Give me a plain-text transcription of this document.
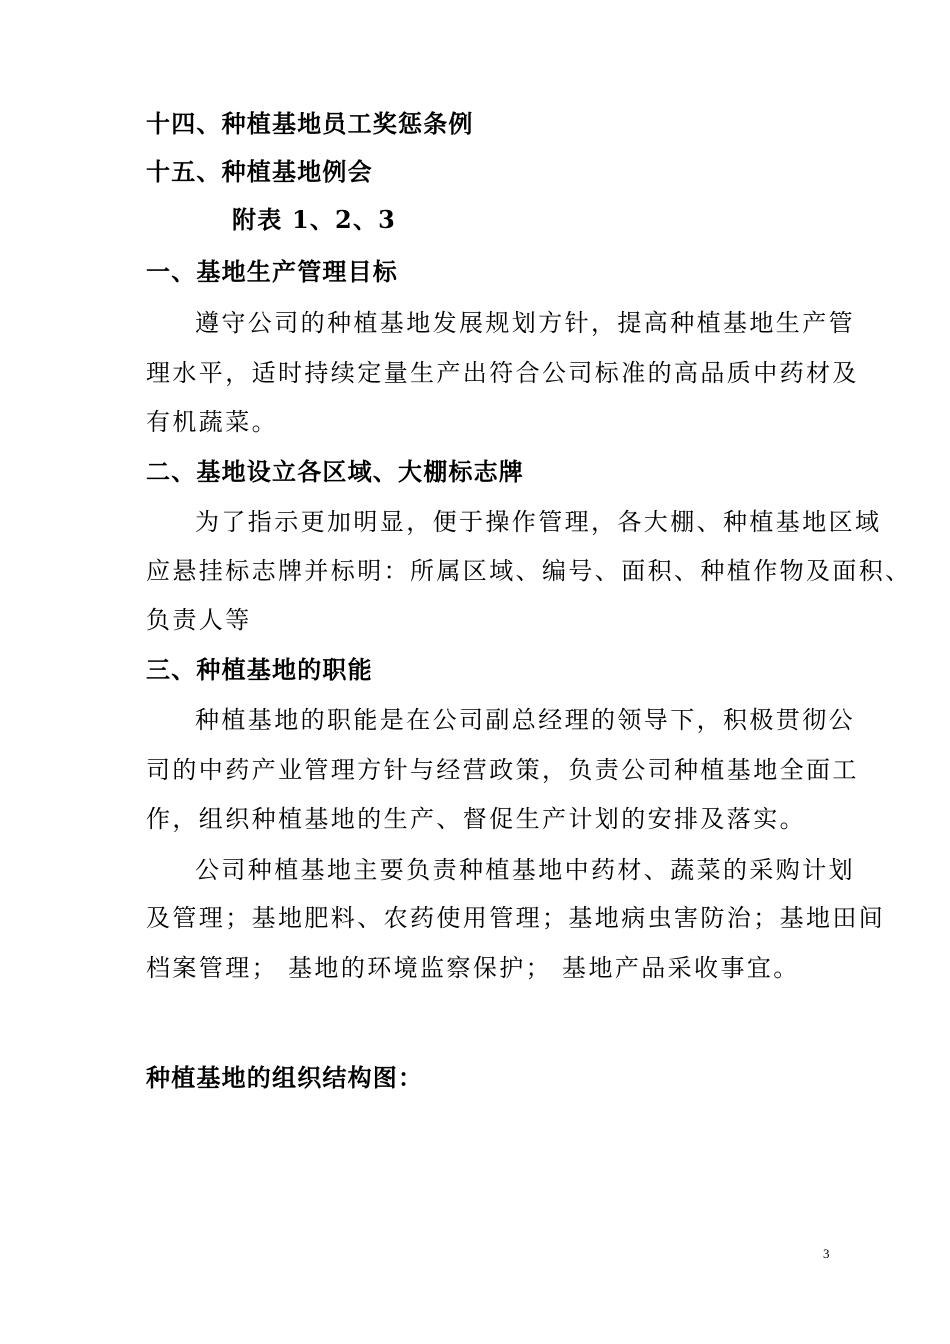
十四、种植基地员工奖惩条例
十五、种植基地例会
附表 1、2、3
一、基地生产管理目标
遵守公司的种植基地发展规划方针，提高种植基地生产管
理水平，适时持续定量生产出符合公司标准的高品质中药材及
有机蔬菜。
二、基地设立各区域、大棚标志牌
为了指示更加明显，便于操作管理，各大棚、种植基地区域
应悬挂标志牌并标明：所属区域、编号、面积、种植作物及面积、
负责人等
三、种植基地的职能
种植基地的职能是在公司副总经理的领导下，积极贯彻公
司的中药产业管理方针与经营政策，负责公司种植基地全面工
作，组织种植基地的生产、督促生产计划的安排及落实。
公司种植基地主要负责种植基地中药材、蔬菜的采购计划
及管理；基地肥料、农药使用管理；基地病虫害防治；基地田间
档案管理； 基地的环境监察保护； 基地产品采收事宜。
种植基地的组织结构图：
3
